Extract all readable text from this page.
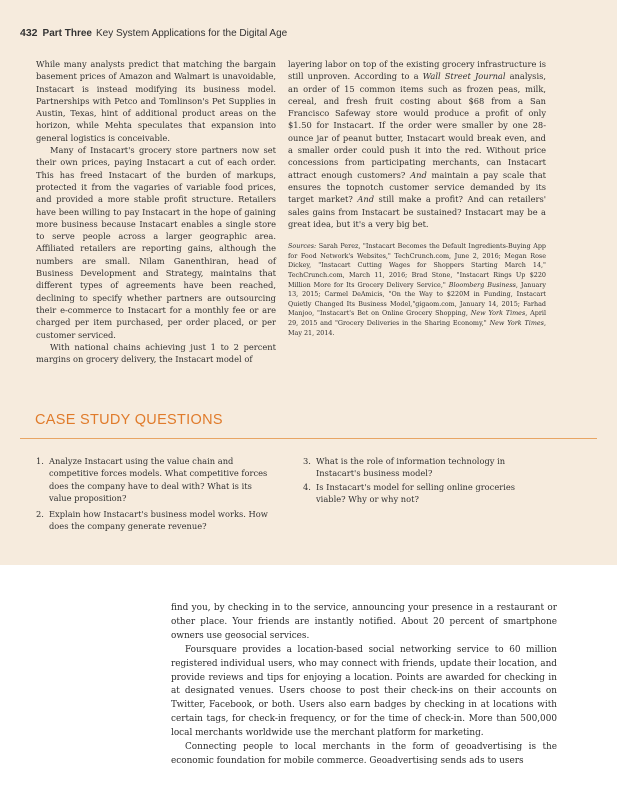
432 Part Three Key System Applications for the Digital Age

While many analysts predict that matching the bargain basement prices of Amazon and Walmart is unavoidable, Instacart is instead modifying its business model. Partnerships with Petco and Tomlinson's Pet Supplies in Austin, Texas, hint of additional product areas on the horizon, while Mehta speculates that expansion into general logistics is conceivable.

Many of Instacart's grocery store partners now set their own prices, paying Instacart a cut of each order. This has freed Instacart of the burden of markups, protected it from the vagaries of variable food prices, and provided a more stable profit structure. Retailers have been willing to pay Instacart in the hope of gaining more business because Instacart enables a single store to serve people across a larger geographic area. Affiliated retailers are reporting gains, although the numbers are small. Nilam Ganenthiran, head of Business Development and Strategy, maintains that different types of agreements have been reached, declining to specify whether partners are outsourcing their e-commerce to Instacart for a monthly fee or are charged per item purchased, per order placed, or per customer serviced.

With national chains achieving just 1 to 2 percent margins on grocery delivery, the Instacart model of

layering labor on top of the existing grocery infrastructure is still unproven. According to a Wall Street Journal analysis, an order of 15 common items such as frozen peas, milk, cereal, and fresh fruit costing about $68 from a San Francisco Safeway store would produce a profit of only $1.50 for Instacart. If the order were smaller by one 28- ounce jar of peanut butter, Instacart would break even, and a smaller order could push it into the red. Without price concessions from participating merchants, can Instacart attract enough customers? And maintain a pay scale that ensures the topnotch customer service demanded by its target market? And still make a profit? And can retailers' sales gains from Instacart be sustained? Instacart may be a great idea, but it's a very big bet.

Sources: Sarah Perez, "Instacart Becomes the Default Ingredients-Buying App for Food Network's Websites," TechCrunch.com, June 2, 2016; Megan Rose Dickey, "Instacart Cutting Wages for Shoppers Starting March 14," TechCrunch.com, March 11, 2016; Brad Stone, "Instacart Rings Up $220 Million More for Its Grocery Delivery Service," Bloomberg Business, January 13, 2015; Carmel DeAmicis, "On the Way to $220M in Funding, Instacart Quietly Changed Its Business Model,"gigaom.com, January 14, 2015; Farhad Manjoo, "Instacart's Bet on Online Grocery Shopping, New York Times, April 29, 2015 and "Grocery Deliveries in the Sharing Economy," New York Times, May 21, 2014.

CASE STUDY QUESTIONS
1. Analyze Instacart using the value chain and competitive forces models. What competitive forces does the company have to deal with? What is its value proposition?
2. Explain how Instacart's business model works. How does the company generate revenue?
3. What is the role of information technology in Instacart's business model?
4. Is Instacart's model for selling online groceries viable? Why or why not?

find you, by checking in to the service, announcing your presence in a restaurant or other place. Your friends are instantly notified. About 20 percent of smartphone owners use geosocial services.

Foursquare provides a location-based social networking service to 60 million registered individual users, who may connect with friends, update their location, and provide reviews and tips for enjoying a location. Points are awarded for checking in at designated venues. Users choose to post their check-ins on their accounts on Twitter, Facebook, or both. Users also earn badges by checking in at locations with certain tags, for check-in frequency, or for the time of check-in. More than 500,000 local merchants worldwide use the merchant platform for marketing.

Connecting people to local merchants in the form of geoadvertising is the economic foundation for mobile commerce. Geoadvertising sends ads to users
